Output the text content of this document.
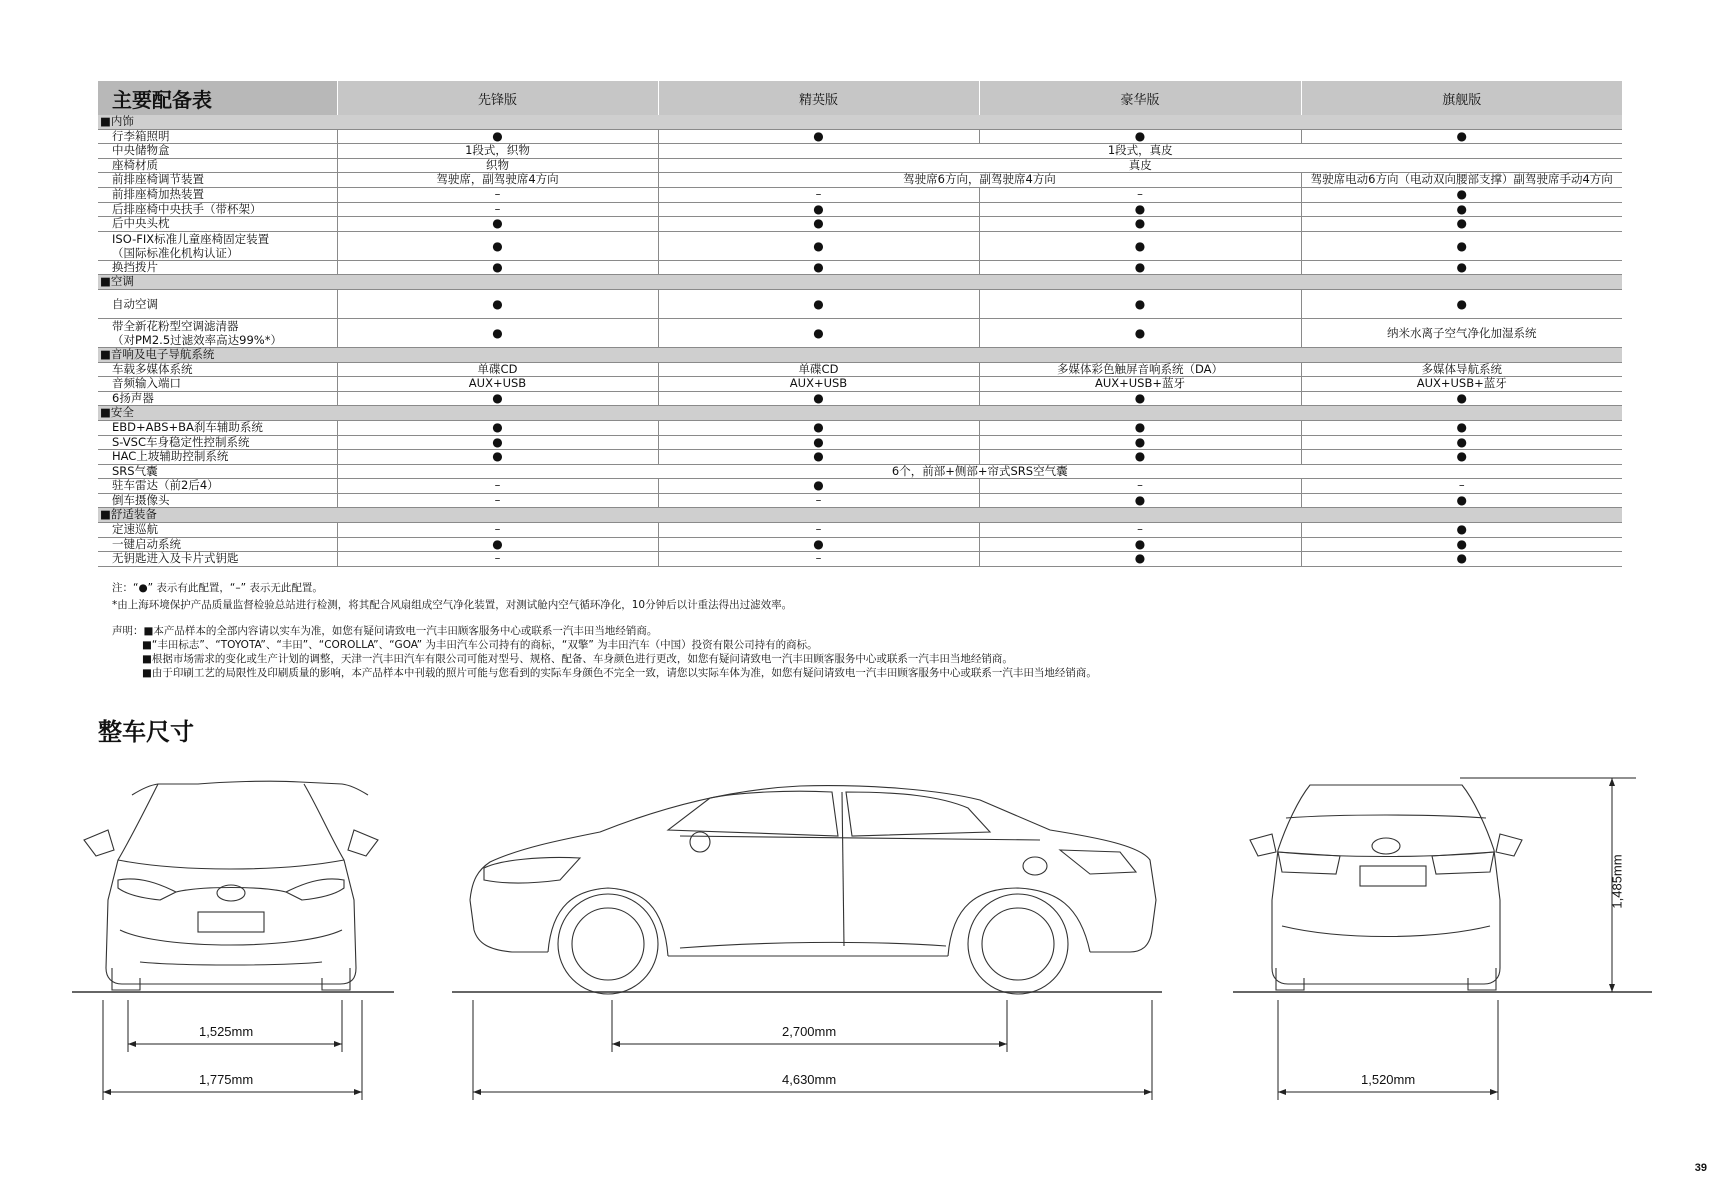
主要配备表	先锋版	精英版	豪华版	旗舰版
■内饰				
行李箱照明	●	●	●	●
中央储物盒	1段式，织物	1段式，真皮		
座椅材质	织物	真皮		
前排座椅调节装置	驾驶席，副驾驶席4方向	驾驶席6方向，副驾驶席4方向		驾驶席电动6方向（电动双向腰部支撑）副驾驶席手动4方向
前排座椅加热装置	–	–	–	●
后排座椅中央扶手（带杯架）	–	●	●	●
后中央头枕	●	●	●	●

ISO-FIX标准儿童座椅固定装置
（国际标准化机构认证）	●	●	●	●
换挡拨片	●	●	●	●
■空调				
自动空调	●	●	●	●

带全新花粉型空调滤清器
（对PM2.5过滤效率高达99%*）	●	●	●	纳米水离子空气净化加湿系统
■音响及电子导航系统				
车载多媒体系统	单碟CD	单碟CD	多媒体彩色触屏音响系统（DA）	多媒体导航系统
音频输入端口	AUX+USB	AUX+USB	AUX+USB+蓝牙	AUX+USB+蓝牙
6扬声器	●	●	●	●
■安全				
EBD+ABS+BA刹车辅助系统	●	●	●	●
S-VSC车身稳定性控制系统	●	●	●	●
HAC上坡辅助控制系统	●	●	●	●
SRS气囊	6个，前部+侧部+帘式SRS空气囊			
驻车雷达（前2后4）	–	●	–	–
倒车摄像头	–	–	●	●
■舒适装备				
定速巡航	–	–	–	●
一键启动系统	●	●	●	●
无钥匙进入及卡片式钥匙	–	–	●	●
注：“●” 表示有此配置，“–” 表示无此配置。
*由上海环境保护产品质量监督检验总站进行检测，将其配合风扇组成空气净化装置，对测试舱内空气循环净化，10分钟后以计重法得出过滤效率。
声明：■本产品样本的全部内容请以实车为准，如您有疑问请致电一汽丰田顾客服务中心或联系一汽丰田当地经销商。
■“丰田标志”、“TOYOTA”、“丰田”、“COROLLA”、“GOA” 为丰田汽车公司持有的商标，“双擎” 为丰田汽车（中国）投资有限公司持有的商标。
■根据市场需求的变化或生产计划的调整，天津一汽丰田汽车有限公司可能对型号、规格、配备、车身颜色进行更改，如您有疑问请致电一汽丰田顾客服务中心或联系一汽丰田当地经销商。
■由于印刷工艺的局限性及印刷质量的影响，本产品样本中刊载的照片可能与您看到的实际车身颜色不完全一致，请您以实际车体为准，如您有疑问请致电一汽丰田顾客服务中心或联系一汽丰田当地经销商。
整车尺寸
1,525mm
1,775mm
2,700mm
4,630mm	1,520mm
1,485mm
39
